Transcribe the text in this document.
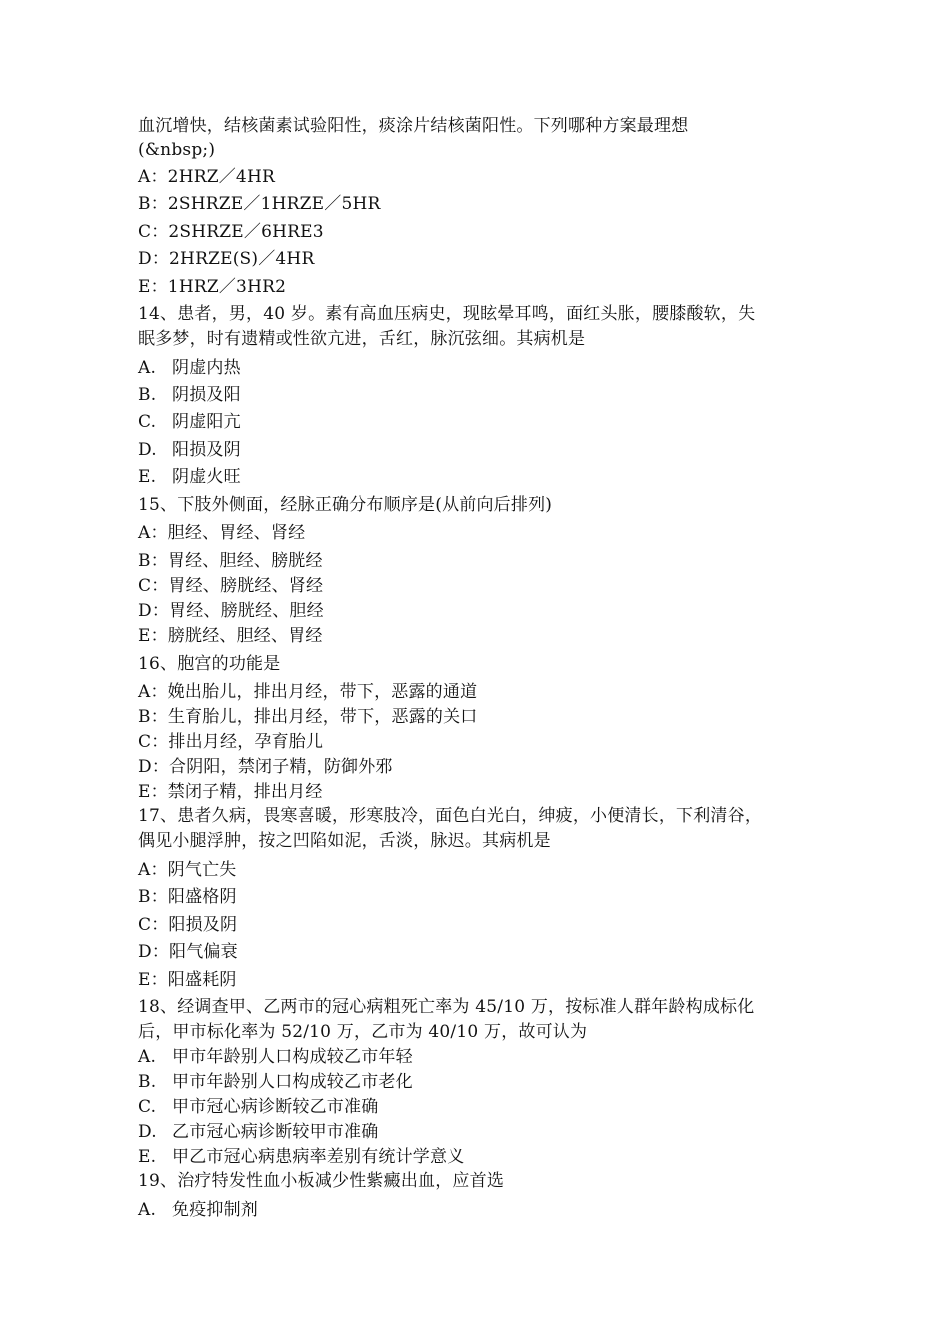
血沉增快，结核菌素试验阳性，痰涂片结核菌阳性。下列哪种方案最理想
(&nbsp;)
A：2HRZ／4HR
B：2SHRZE／1HRZE／5HR
C：2SHRZE／6HRE3
D：2HRZE(S)／4HR
E：1HRZ／3HR2
14、患者，男，40 岁。素有高血压病史，现眩晕耳鸣，面红头胀，腰膝酸软，失
眠多梦，时有遗精或性欲亢进，舌红，脉沉弦细。其病机是
A. 阴虚内热
B. 阴损及阳
C. 阴虚阳亢
D. 阳损及阴
E. 阴虚火旺
15、下肢外侧面，经脉正确分布顺序是(从前向后排列)
A：胆经、胃经、肾经
B：胃经、胆经、膀胱经
C：胃经、膀胱经、肾经
D：胃经、膀胱经、胆经
E：膀胱经、胆经、胃经
16、胞宫的功能是
A：娩出胎儿，排出月经，带下，恶露的通道
B：生育胎儿，排出月经，带下，恶露的关口
C：排出月经，孕育胎儿
D：合阴阳，禁闭子精，防御外邪
E：禁闭子精，排出月经
17、患者久病，畏寒喜暖，形寒肢冷，面色白光白，绅疲，小便清长，下利清谷，
偶见小腿浮肿，按之凹陷如泥，舌淡，脉迟。其病机是
A：阴气亡失
B：阳盛格阴
C：阳损及阴
D：阳气偏衰
E：阳盛耗阴
18、经调查甲、乙两市的冠心病粗死亡率为 45/10 万，按标准人群年龄构成标化
后，甲市标化率为 52/10 万，乙市为 40/10 万，故可认为
A. 甲市年龄别人口构成较乙市年轻
B. 甲市年龄别人口构成较乙市老化
C. 甲市冠心病诊断较乙市准确
D. 乙市冠心病诊断较甲市准确
E. 甲乙市冠心病患病率差别有统计学意义
19、治疗特发性血小板减少性紫癜出血，应首选
A. 免疫抑制剂
